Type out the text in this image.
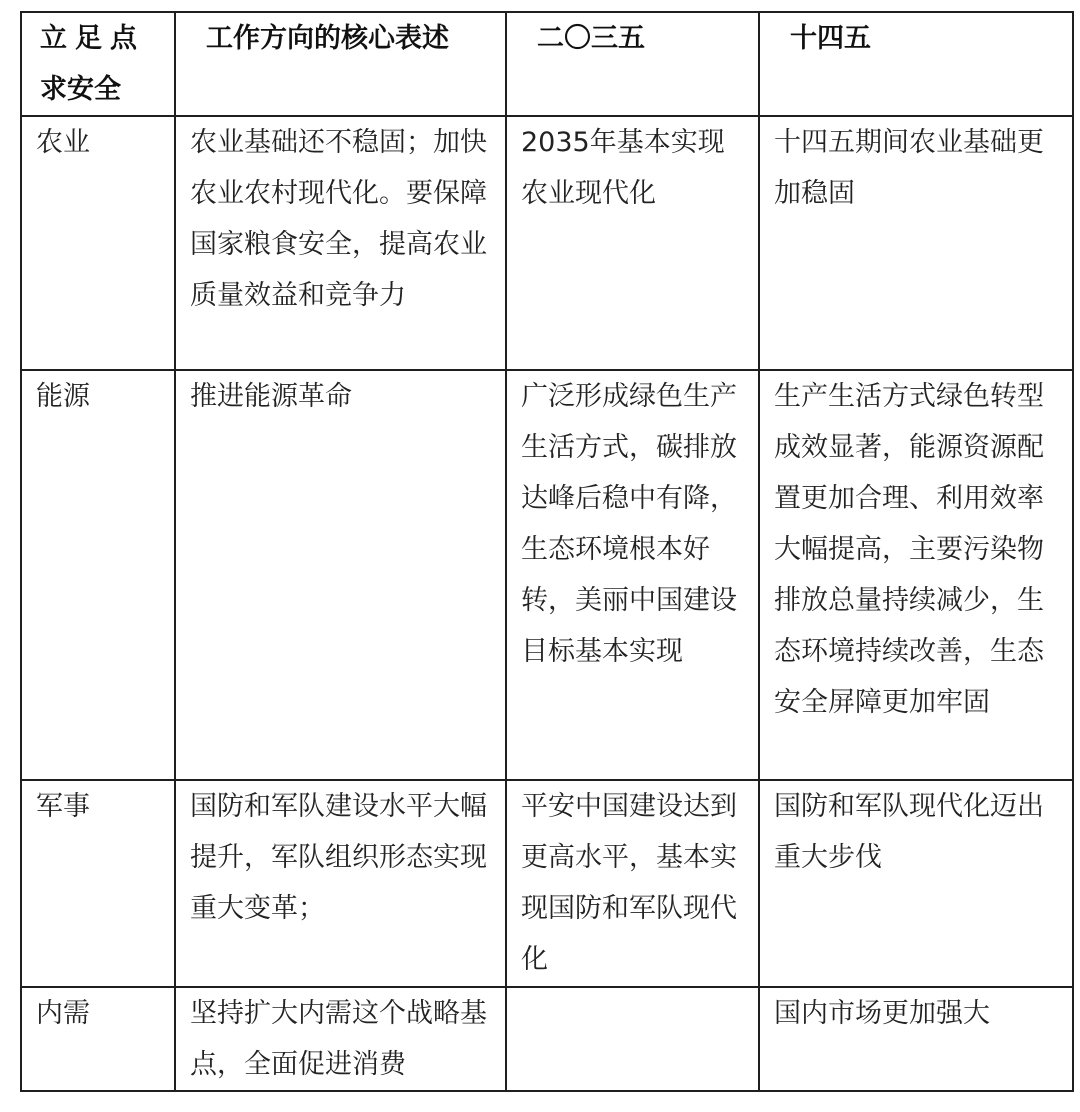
立足点
求安全	工作方向的核心表述	二〇三五	十四五
农业	农业基础还不稳固；加快农业农村现代化。要保障国家粮食安全，提高农业质量效益和竞争力	2035年基本实现农业现代化	十四五期间农业基础更加稳固
能源	推进能源革命	广泛形成绿色生产生活方式，碳排放达峰后稳中有降，生态环境根本好转，美丽中国建设目标基本实现	生产生活方式绿色转型成效显著，能源资源配置更加合理、利用效率大幅提高，主要污染物排放总量持续减少，生态环境持续改善，生态安全屏障更加牢固
军事	国防和军队建设水平大幅提升，军队组织形态实现重大变革；	平安中国建设达到更高水平，基本实现国防和军队现代化	国防和军队现代化迈出重大步伐
内需	坚持扩大内需这个战略基点，全面促进消费		国内市场更加强大
